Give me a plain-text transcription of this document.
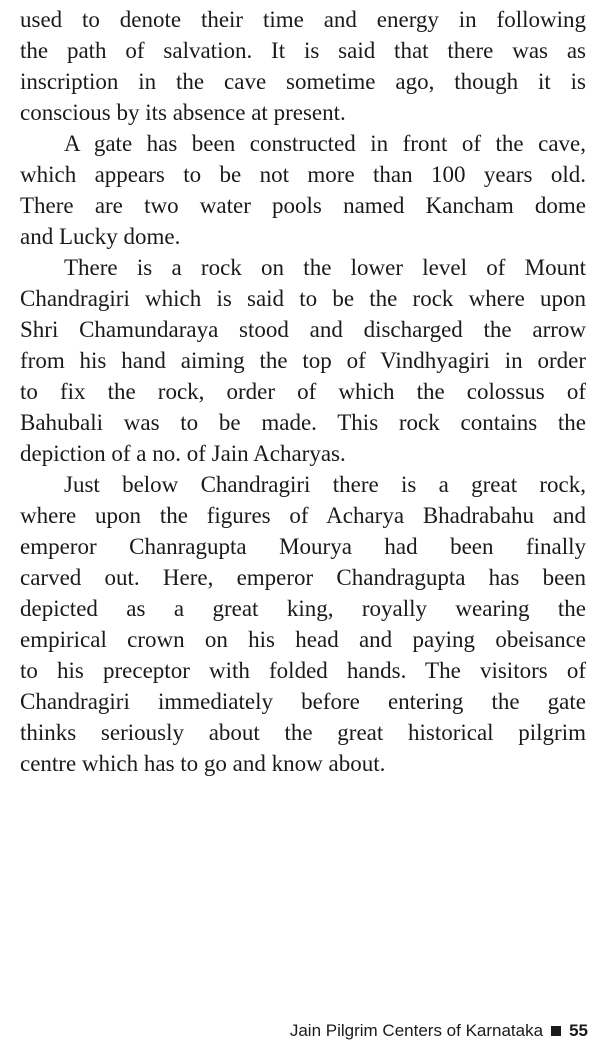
used to denote their time and energy in following
the path of salvation. It is said that there was as
inscription in the cave sometime ago, though it is
conscious by its absence at present.

A gate has been constructed in front of the cave,
which appears to be not more than 100 years old.
There are two water pools named Kancham dome
and Lucky dome.

There is a rock on the lower level of Mount
Chandragiri which is said to be the rock where upon
Shri Chamundaraya stood and discharged the arrow
from his hand aiming the top of Vindhyagiri in order
to fix the rock, order of which the colossus of
Bahubali was to be made. This rock contains the
depiction of a no. of Jain Acharyas.

Just below Chandragiri there is a great rock,
where upon the figures of Acharya Bhadrabahu and
emperor Chanragupta Mourya had been finally
carved out. Here, emperor Chandragupta has been
depicted as a great king, royally wearing the
empirical crown on his head and paying obeisance
to his preceptor with folded hands. The visitors of
Chandragiri immediately before entering the gate
thinks seriously about the great historical pilgrim
centre which has to go and know about.

Jain Pilgrim Centers of Karnataka 55
